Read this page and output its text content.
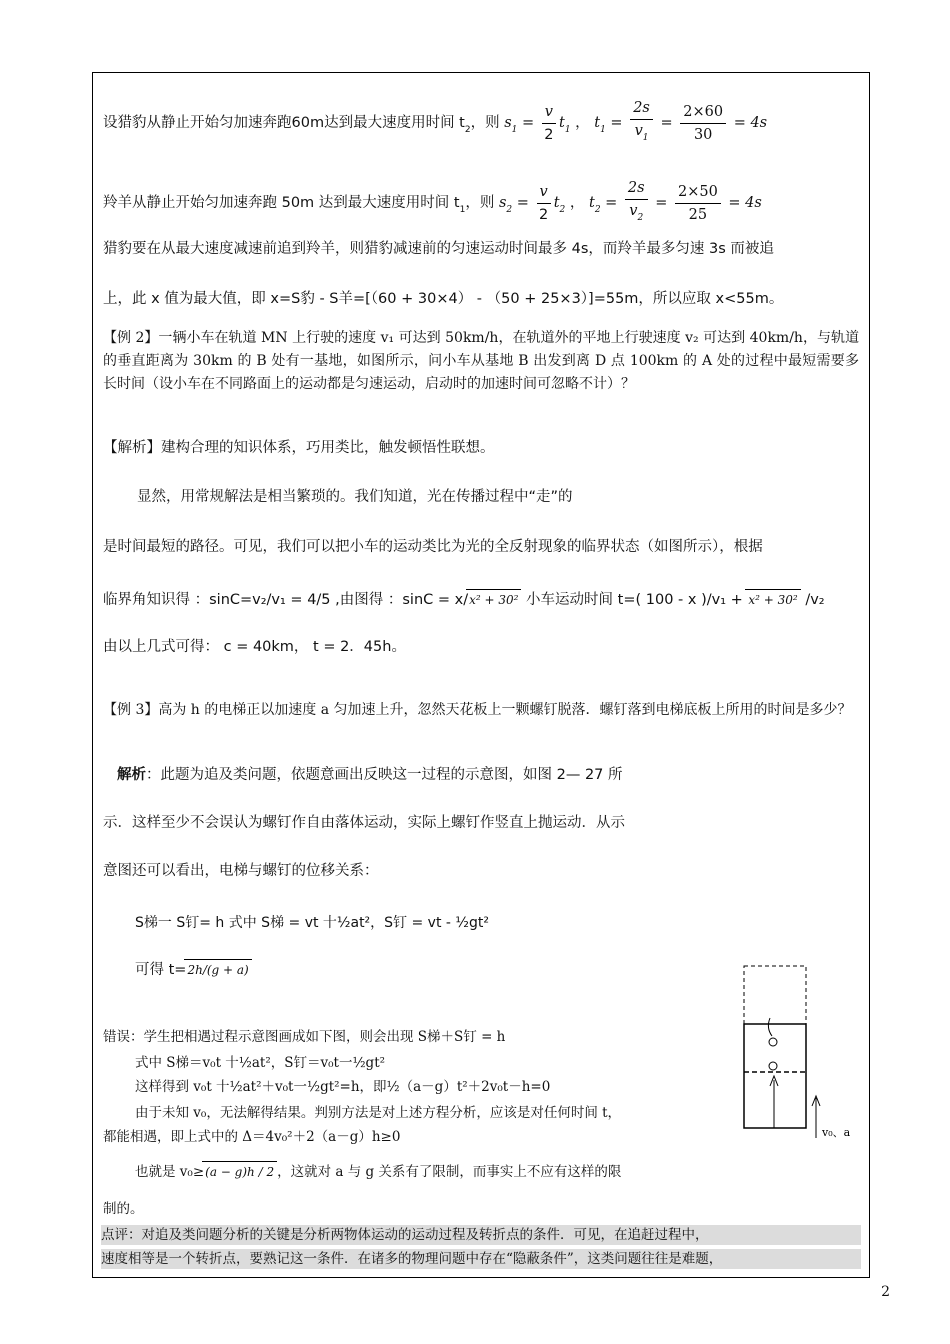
设猎豹从静止开始匀加速奔跑60m达到最大速度用时间 $t_2$，则 $s_1 = \frac{v}{2} t_1$ ， $t_1 = \frac{2s}{v_1} = \frac{2\times 60}{30} = 4s$
羚羊从静止开始匀加速奔跑 50m 达到最大速度用时间 $t_1$，则 $s_2 = \frac{v}{2} t_2$ ， $t_2 = \frac{2s}{v_2} = \frac{2\times 50}{25} = 4s$
猎豹要在从最大速度减速前追到羚羊，则猎豹减速前的匀速运动时间最多 4s，而羚羊最多匀速 3s 而被追
上，此 x 值为最大值，即 x=S豹 - S羊=[（60 + 30×4） - （50 + 25×3）]=55m，所以应取 x<55m。
【例 2】一辆小车在轨道 MN 上行驶的速度 v₁ 可达到 50km/h，在轨道外的平地上行驶速度 v₂ 可达到 40km/h，与轨道的垂直距离为 30km 的 B 处有一基地，如图所示，问小车从基地 B 出发到离 D 点 100km 的 A 处的过程中最短需要多长时间（设小车在不同路面上的运动都是匀速运动，启动时的加速时间可忽略不计）？
【解析】建构合理的知识体系，巧用类比，触发顿悟性联想。
显然，用常规解法是相当繁琐的。我们知道，光在传播过程中“走”的
是时间最短的路径。可见，我们可以把小车的运动类比为光的全反射现象的临界状态（如图所示），根据
临界角知识得 ：sinC=v₂/v₁ = 4/5 ,由图得 ：sinC = x/x² + 30² 小车运动时间 t=( 100 - x )/v₁ + x² + 30² /v₂
由以上几式可得： c = 40km， t = 2．45h。
【例 3】高为 h 的电梯正以加速度 a 匀加速上升，忽然天花板上一颗螺钉脱落．螺钉落到电梯底板上所用的时间是多少？
解析：此题为追及类问题，依题意画出反映这一过程的示意图，如图 2— 27 所
示．这样至少不会误认为螺钉作自由落体运动，实际上螺钉作竖直上抛运动．从示
意图还可以看出，电梯与螺钉的位移关系：
S梯一 S钉= h 式中 S梯 = vt 十½at²，S钉 = vt - ½gt²
可得 t=2h/(g + a)
错误：学生把相遇过程示意图画成如下图，则会出现 S梯＋S钉 = h
式中 S梯＝v₀t 十½at²，S钉＝v₀t一½gt²
这样得到 v₀t 十½at²＋v₀t一½gt²=h，即½（a－g）t²＋2v₀t－h=0
由于未知 v₀，无法解得结果。判别方法是对上述方程分析，应该是对任何时间 t，
都能相遇，即上式中的 Δ＝4v₀²＋2（a－g）h≥0
也就是 v₀≥(a − g)h / 2 ，这就对 a 与 g 关系有了限制，而事实上不应有这样的限
制的。
点评：对追及类问题分析的关键是分析两物体运动的运动过程及转折点的条件．可见，在追赶过程中，
速度相等是一个转折点，要熟记这一条件．在诸多的物理问题中存在“隐蔽条件”，这类问题往往是难题，
v₀、a
2
